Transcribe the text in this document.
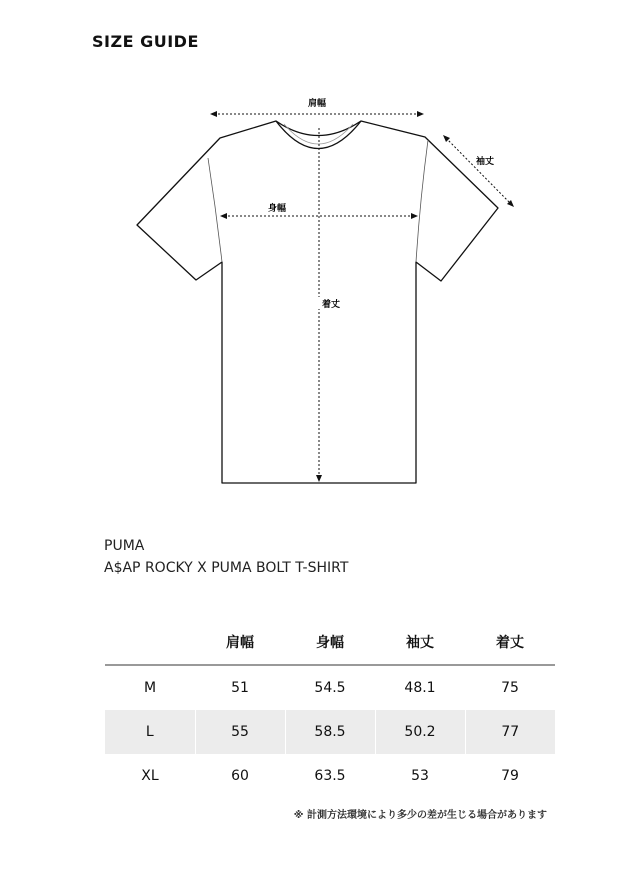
SIZE GUIDE
肩幅
身幅
着丈
袖丈
PUMA
A$AP ROCKY X PUMA BOLT T-SHIRT
	肩幅	身幅	袖丈	着丈
M	51	54.5	48.1	75
L	55	58.5	50.2	77
XL	60	63.5	53	79
※ 計測方法環境により多少の差が生じる場合があります
